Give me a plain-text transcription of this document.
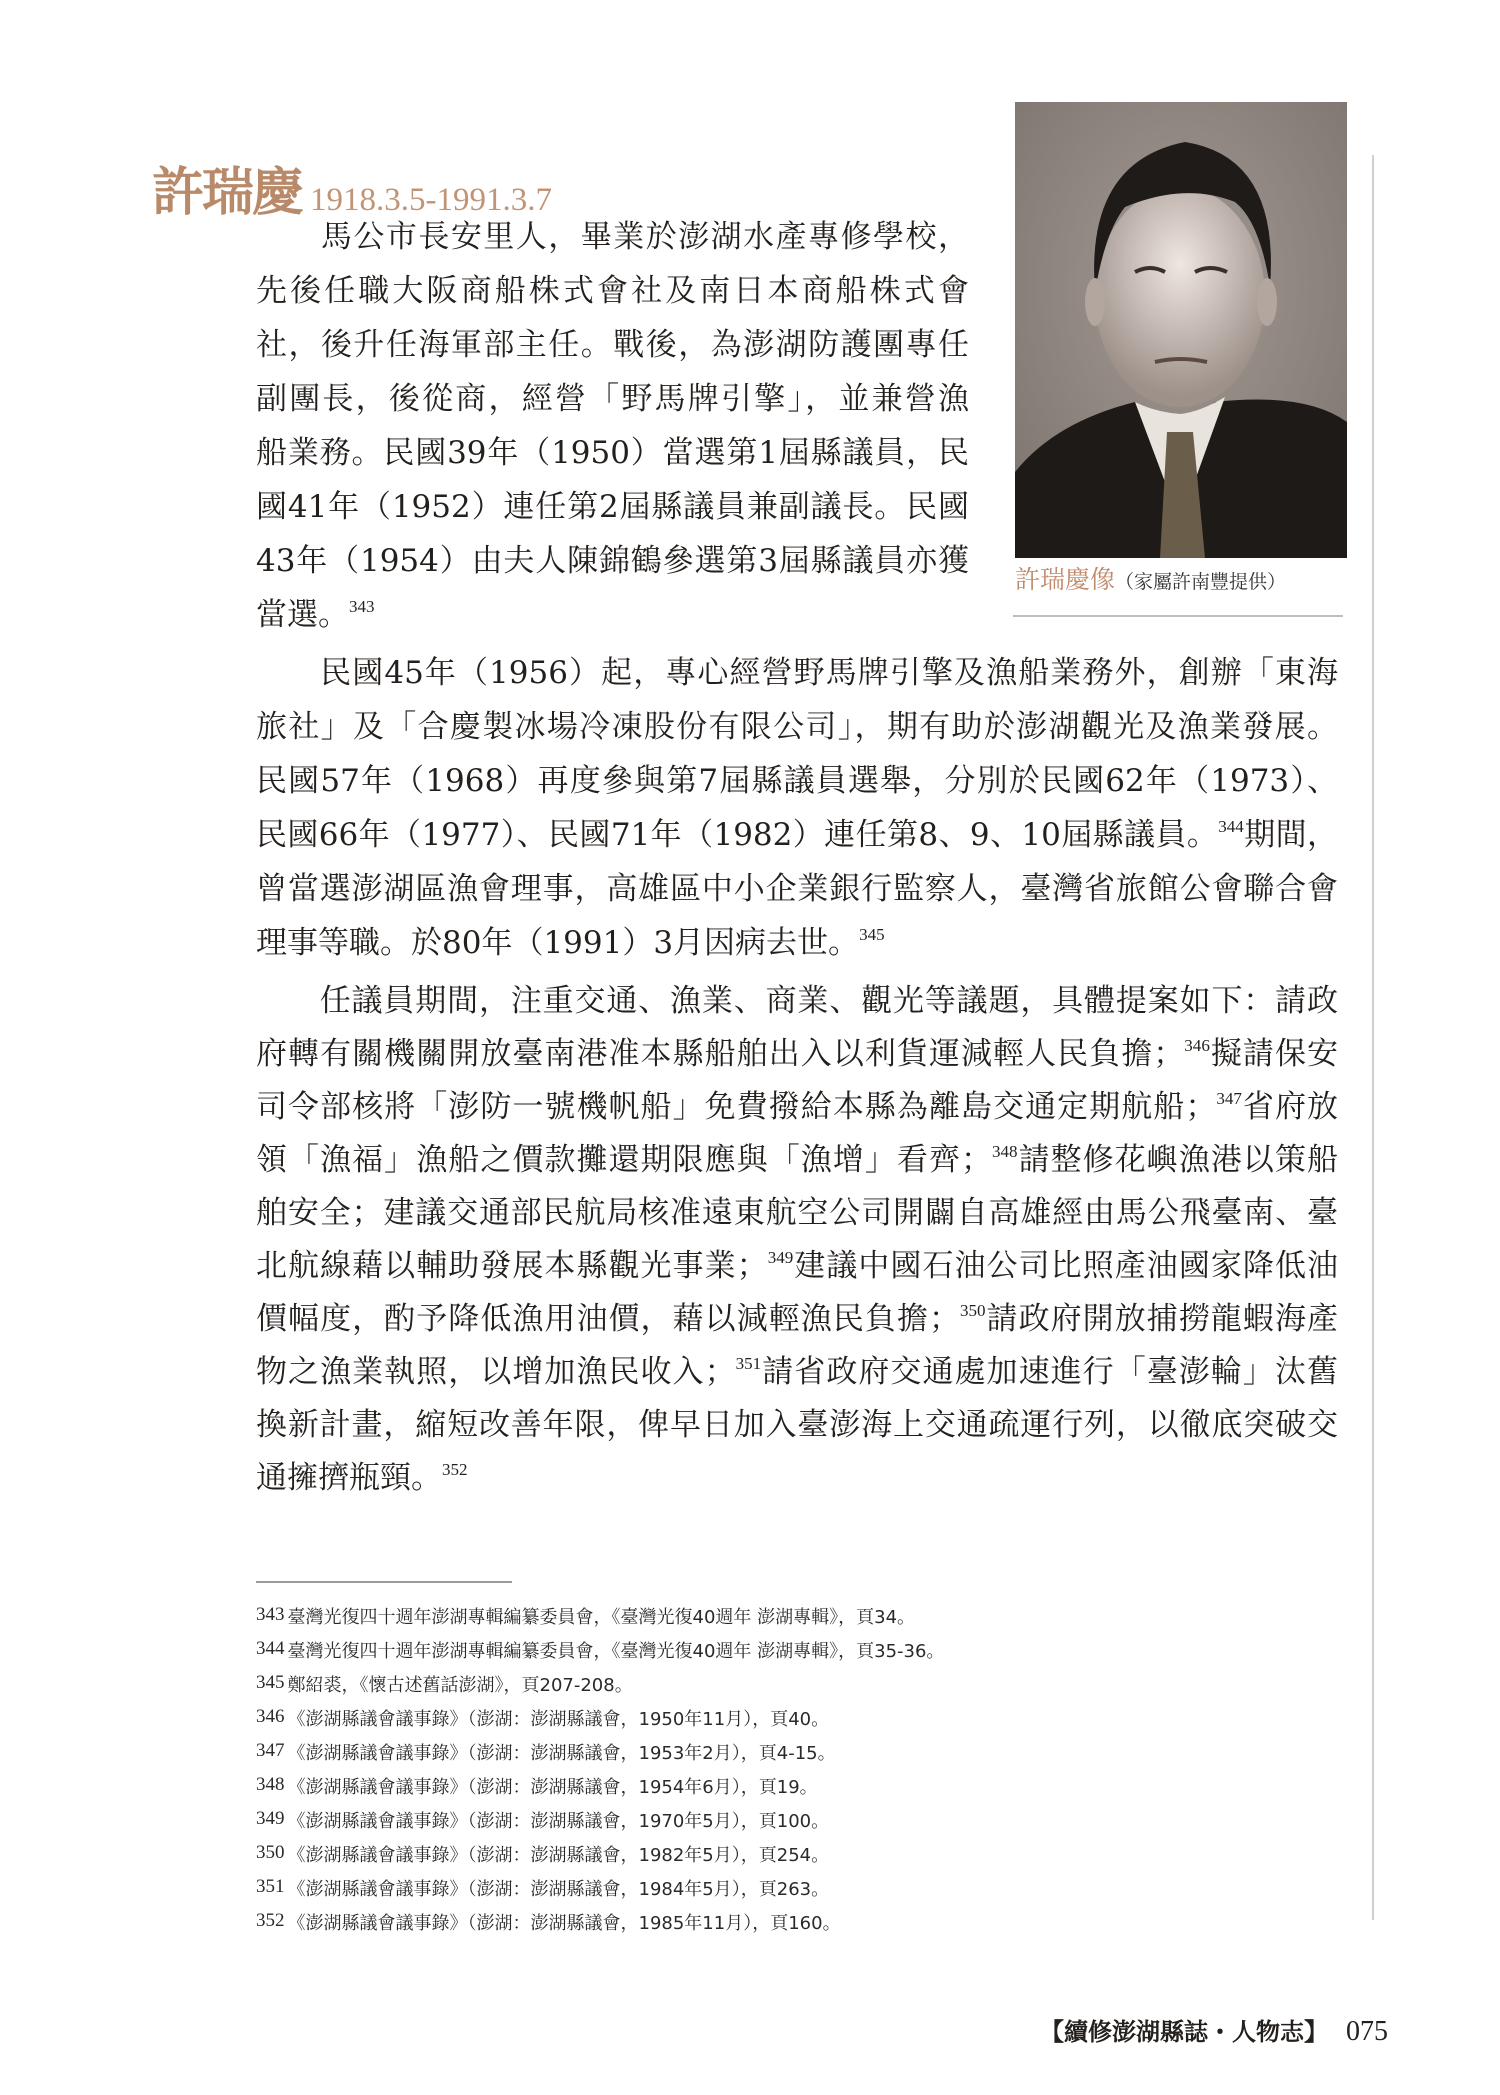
許瑞慶 1918.3.5-1991.3.7
許瑞慶像（家屬許南豐提供）
　　馬公市長安里人，畢業於澎湖水產專修學校，
先後任職大阪商船株式會社及南日本商船株式會
社，後升任海軍部主任。戰後，為澎湖防護團專任
副團長，後從商，經營「野馬牌引擎」，並兼營漁
船業務。民國39年（1950）當選第1屆縣議員，民
國41年（1952）連任第2屆縣議員兼副議長。民國
43年（1954）由夫人陳錦鶴參選第3屆縣議員亦獲
當選。$^{343}$
　　民國45年（1956）起，專心經營野馬牌引擎及漁船業務外，創辦「東海
旅社」及「合慶製冰場冷凍股份有限公司」，期有助於澎湖觀光及漁業發展。
民國57年（1968）再度參與第7屆縣議員選舉，分別於民國62年（1973）、
民國66年（1977）、民國71年（1982）連任第8、9、10屆縣議員。$^{344}$期間，
曾當選澎湖區漁會理事，高雄區中小企業銀行監察人，臺灣省旅館公會聯合會
理事等職。於80年（1991）3月因病去世。$^{345}$
　　任議員期間，注重交通、漁業、商業、觀光等議題，具體提案如下：請政
府轉有關機關開放臺南港准本縣船舶出入以利貨運減輕人民負擔；$^{346}$擬請保安
司令部核將「澎防一號機帆船」免費撥給本縣為離島交通定期航船；$^{347}$省府放
領「漁福」漁船之價款攤還期限應與「漁增」看齊；$^{348}$請整修花嶼漁港以策船
舶安全；建議交通部民航局核准遠東航空公司開闢自高雄經由馬公飛臺南、臺
北航線藉以輔助發展本縣觀光事業；$^{349}$建議中國石油公司比照產油國家降低油
價幅度，酌予降低漁用油價，藉以減輕漁民負擔；$^{350}$請政府開放捕撈龍蝦海產
物之漁業執照，以增加漁民收入；$^{351}$請省政府交通處加速進行「臺澎輪」汰舊
換新計畫，縮短改善年限，俾早日加入臺澎海上交通疏運行列，以徹底突破交
通擁擠瓶頸。$^{352}$
343 臺灣光復四十週年澎湖專輯編纂委員會，《臺灣光復40週年 澎湖專輯》，頁34。
344 臺灣光復四十週年澎湖專輯編纂委員會，《臺灣光復40週年 澎湖專輯》，頁35-36。
345 鄭紹裘，《懷古述舊話澎湖》，頁207-208。
346 《澎湖縣議會議事錄》（澎湖：澎湖縣議會，1950年11月），頁40。
347 《澎湖縣議會議事錄》（澎湖：澎湖縣議會，1953年2月），頁4-15。
348 《澎湖縣議會議事錄》（澎湖：澎湖縣議會，1954年6月），頁19。
349 《澎湖縣議會議事錄》（澎湖：澎湖縣議會，1970年5月），頁100。
350 《澎湖縣議會議事錄》（澎湖：澎湖縣議會，1982年5月），頁254。
351 《澎湖縣議會議事錄》（澎湖：澎湖縣議會，1984年5月），頁263。
352 《澎湖縣議會議事錄》（澎湖：澎湖縣議會，1985年11月），頁160。
【續修澎湖縣誌・人物志】 075
